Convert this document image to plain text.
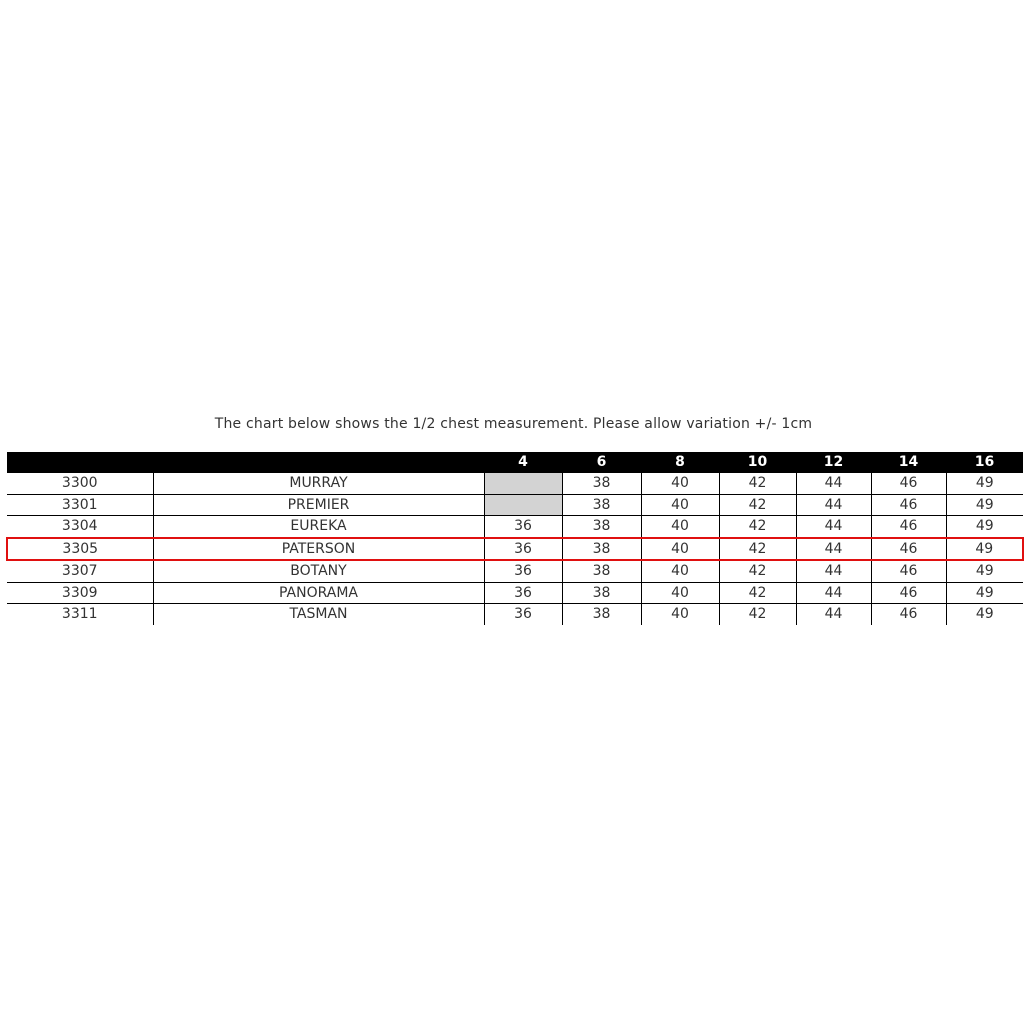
The chart below shows the 1/2 chest measurement. Please allow variation +/- 1cm
		4	6	8	10	12	14	16
3300	MURRAY		38	40	42	44	46	49
3301	PREMIER		38	40	42	44	46	49
3304	EUREKA	36	38	40	42	44	46	49
3305	PATERSON	36	38	40	42	44	46	49
3307	BOTANY	36	38	40	42	44	46	49
3309	PANORAMA	36	38	40	42	44	46	49
3311	TASMAN	36	38	40	42	44	46	49
